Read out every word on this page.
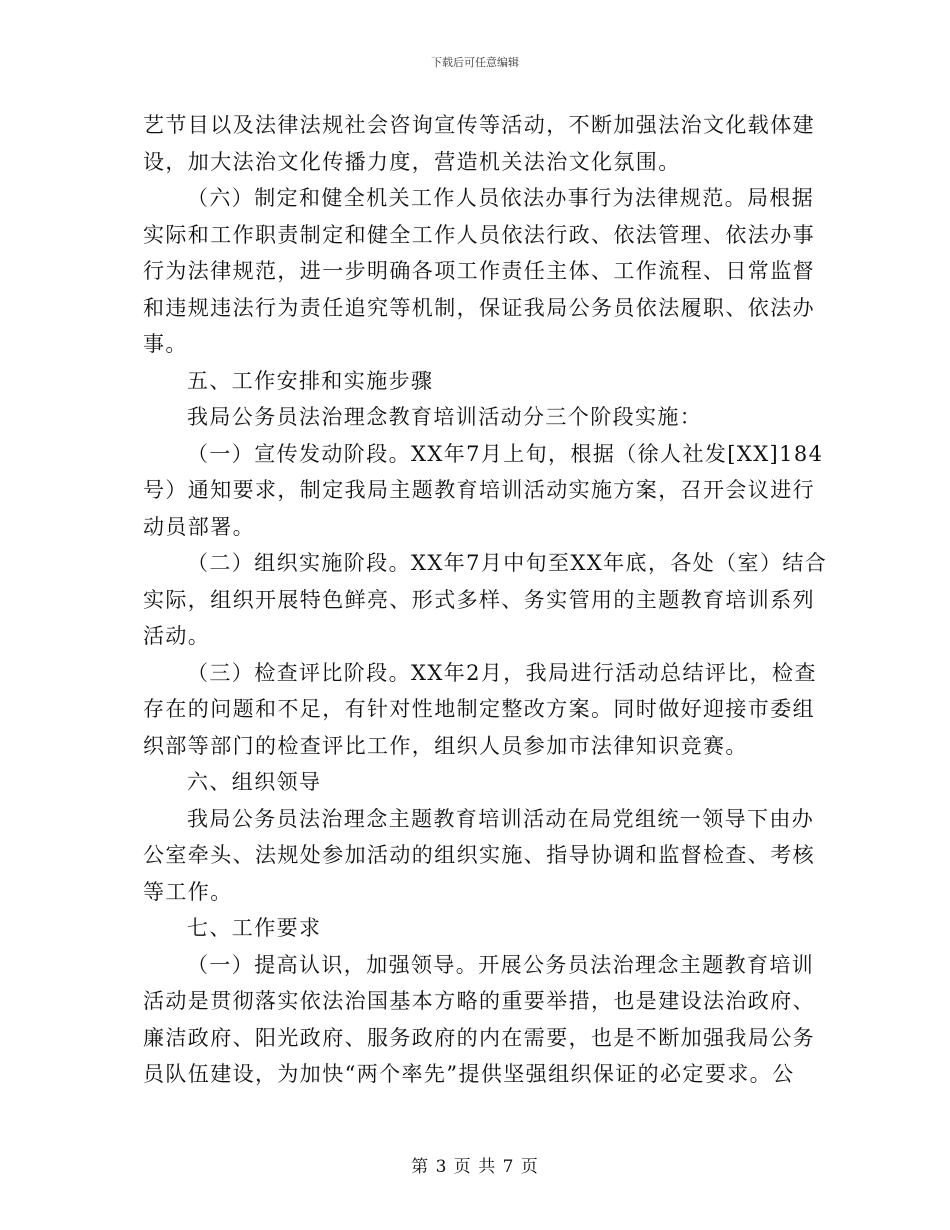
下载后可任意编辑
艺节目以及法律法规社会咨询宣传等活动，不断加强法治文化载体建
设，加大法治文化传播力度，营造机关法治文化氛围。
（六）制定和健全机关工作人员依法办事行为法律规范。局根据
实际和工作职责制定和健全工作人员依法行政、依法管理、依法办事
行为法律规范，进一步明确各项工作责任主体、工作流程、日常监督
和违规违法行为责任追究等机制，保证我局公务员依法履职、依法办
事。
五、工作安排和实施步骤
我局公务员法治理念教育培训活动分三个阶段实施：
（一）宣传发动阶段。XX年7月上旬，根据（徐人社发[XX]184
号）通知要求，制定我局主题教育培训活动实施方案，召开会议进行
动员部署。
（二）组织实施阶段。XX年7月中旬至XX年底，各处（室）结合
实际，组织开展特色鲜亮、形式多样、务实管用的主题教育培训系列
活动。
（三）检查评比阶段。XX年2月，我局进行活动总结评比，检查
存在的问题和不足，有针对性地制定整改方案。同时做好迎接市委组
织部等部门的检查评比工作，组织人员参加市法律知识竞赛。
六、组织领导
我局公务员法治理念主题教育培训活动在局党组统一领导下由办
公室牵头、法规处参加活动的组织实施、指导协调和监督检查、考核
等工作。
七、工作要求
（一）提高认识，加强领导。开展公务员法治理念主题教育培训
活动是贯彻落实依法治国基本方略的重要举措，也是建设法治政府、
廉洁政府、阳光政府、服务政府的内在需要，也是不断加强我局公务
员队伍建设，为加快“两个率先”提供坚强组织保证的必定要求。公
第 3 页 共 7 页
